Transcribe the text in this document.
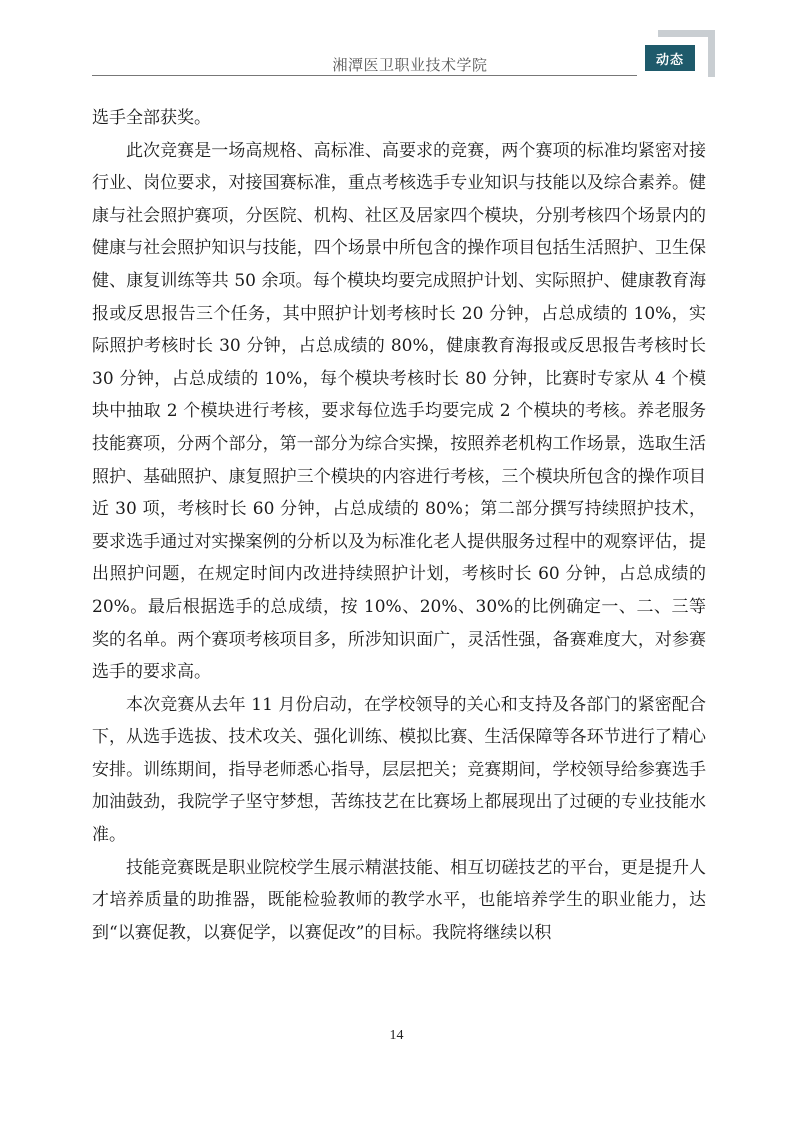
动态
湘潭医卫职业技术学院

选手全部获奖。

此次竞赛是一场高规格、高标准、高要求的竞赛，两个赛项的标准均紧密对接行业、岗位要求，对接国赛标准，重点考核选手专业知识与技能以及综合素养。健康与社会照护赛项，分医院、机构、社区及居家四个模块，分别考核四个场景内的健康与社会照护知识与技能，四个场景中所包含的操作项目包括生活照护、卫生保健、康复训练等共 50 余项。每个模块均要完成照护计划、实际照护、健康教育海报或反思报告三个任务，其中照护计划考核时长 20 分钟，占总成绩的 10%，实际照护考核时长 30 分钟，占总成绩的 80%，健康教育海报或反思报告考核时长 30 分钟，占总成绩的 10%，每个模块考核时长 80 分钟，比赛时专家从 4 个模块中抽取 2 个模块进行考核，要求每位选手均要完成 2 个模块的考核。养老服务技能赛项，分两个部分，第一部分为综合实操，按照养老机构工作场景，选取生活照护、基础照护、康复照护三个模块的内容进行考核，三个模块所包含的操作项目近 30 项，考核时长 60 分钟，占总成绩的 80%；第二部分撰写持续照护技术，要求选手通过对实操案例的分析以及为标准化老人提供服务过程中的观察评估，提出照护问题，在规定时间内改进持续照护计划，考核时长 60 分钟，占总成绩的 20%。最后根据选手的总成绩，按 10%、20%、30%的比例确定一、二、三等奖的名单。两个赛项考核项目多，所涉知识面广，灵活性强，备赛难度大，对参赛选手的要求高。

本次竞赛从去年 11 月份启动，在学校领导的关心和支持及各部门的紧密配合下，从选手选拔、技术攻关、强化训练、模拟比赛、生活保障等各环节进行了精心安排。训练期间，指导老师悉心指导，层层把关；竞赛期间，学校领导给参赛选手加油鼓劲，我院学子坚守梦想，苦练技艺在比赛场上都展现出了过硬的专业技能水准。

技能竞赛既是职业院校学生展示精湛技能、相互切磋技艺的平台，更是提升人才培养质量的助推器，既能检验教师的教学水平，也能培养学生的职业能力，达到“以赛促教，以赛促学，以赛促改”的目标。我院将继续以积

14
